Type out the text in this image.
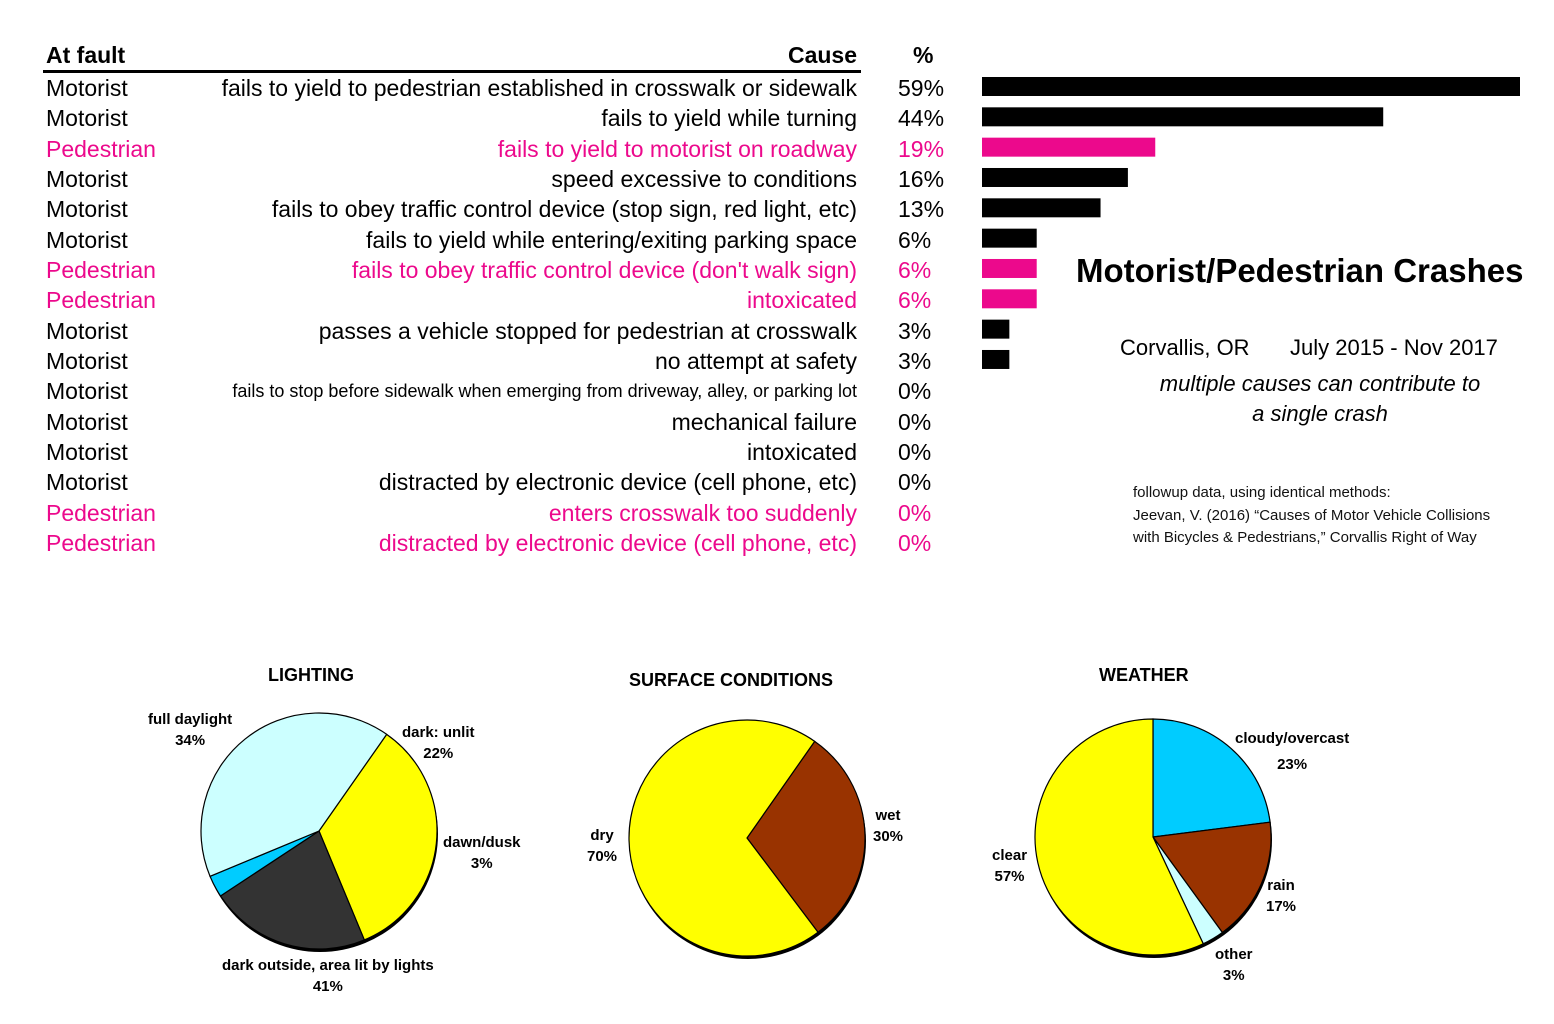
At fault	Cause %
Motorist	fails to yield to pedestrian established in crosswalk or sidewalk 59%
Motorist	fails to yield while turning 44%
Pedestrian	fails to yield to motorist on roadway 19%
Motorist	speed excessive to conditions 16%
Motorist	fails to obey traffic control device (stop sign, red light, etc) 13%
Motorist	fails to yield while entering/exiting parking space 6%
Pedestrian	fails to obey traffic control device (don't walk sign) 6%
Pedestrian	intoxicated 6%
Motorist	passes a vehicle stopped for pedestrian at crosswalk 3%
Motorist	no attempt at safety 3%
Motorist	fails to stop before sidewalk when emerging from driveway, alley, or parking lot 0%
Motorist	mechanical failure 0%
Motorist	intoxicated 0%
Motorist	distracted by electronic device (cell phone, etc) 0%
Pedestrian	enters crosswalk too suddenly 0%
Pedestrian	distracted by electronic device (cell phone, etc) 0%
Motorist/Pedestrian Crashes
Corvallis, OR July 2015 - Nov 2017
multiple causes can contribute to
a single crash
followup data, using identical methods:
Jeevan, V. (2016) “Causes of Motor Vehicle Collisions
with Bicycles & Pedestrians,” Corvallis Right of Way
LIGHTING
full daylight
34%	dark: unlit
22%
dawn/dusk
3%
dark outside, area lit by lights
41%
SURFACE CONDITIONS
wet
30%
dry
70%
WEATHER
cloudy/overcast
23%
rain
17%
other
3%
clear
57%
